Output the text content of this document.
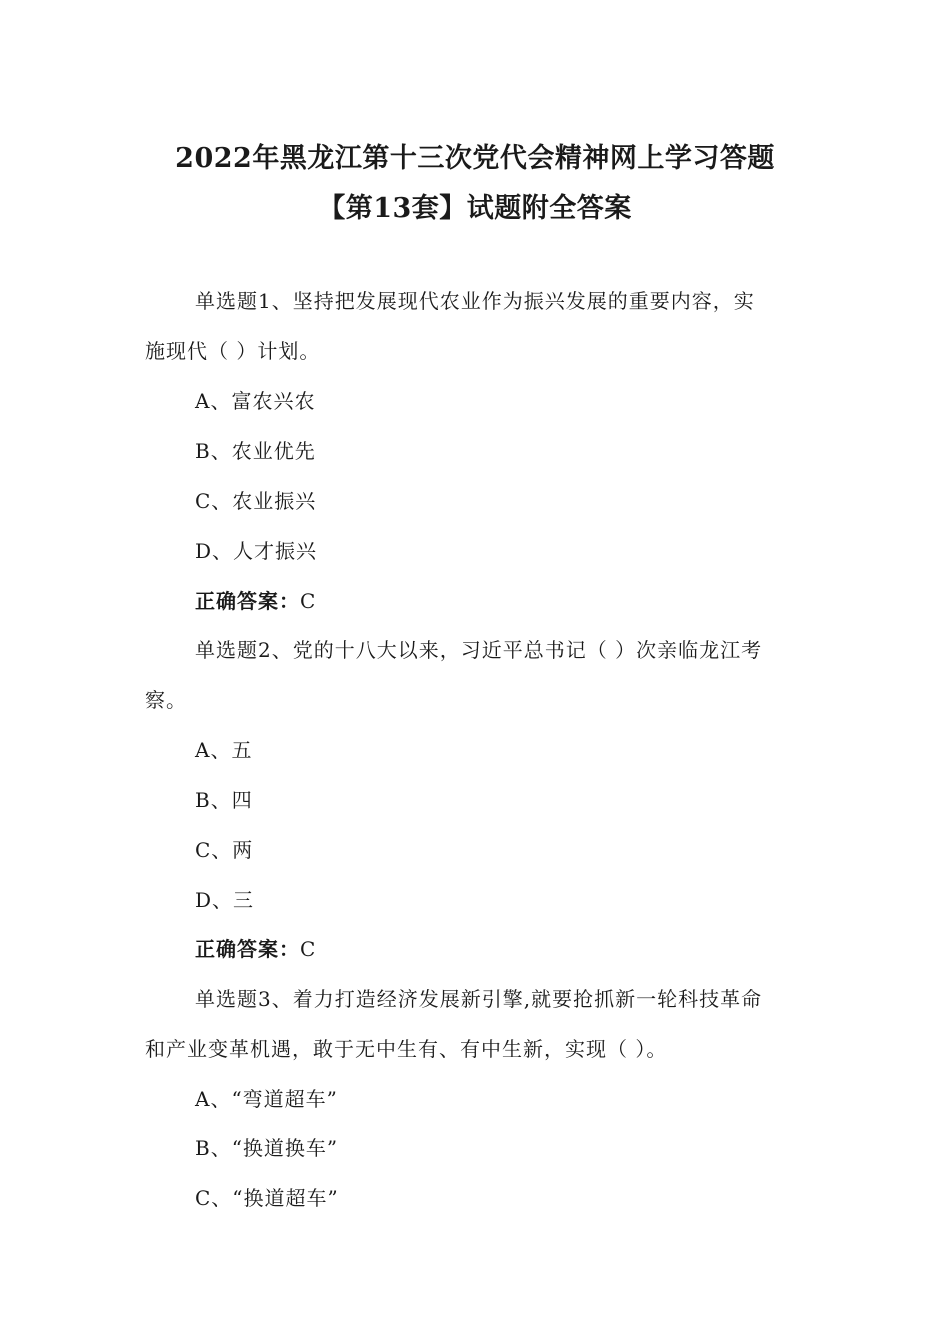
2022年黑龙江第十三次党代会精神网上学习答题
【第13套】试题附全答案
单选题1、坚持把发展现代农业作为振兴发展的重要内容，实
施现代（ ）计划。
A、富农兴农
B、农业优先
C、农业振兴
D、人才振兴
正确答案：C
单选题2、党的十八大以来，习近平总书记（ ）次亲临龙江考
察。
A、五
B、四
C、两
D、三
正确答案：C
单选题3、着力打造经济发展新引擎,就要抢抓新一轮科技革命
和产业变革机遇，敢于无中生有、有中生新，实现（ ）。
A、“弯道超车”
B、“换道换车”
C、“换道超车”
